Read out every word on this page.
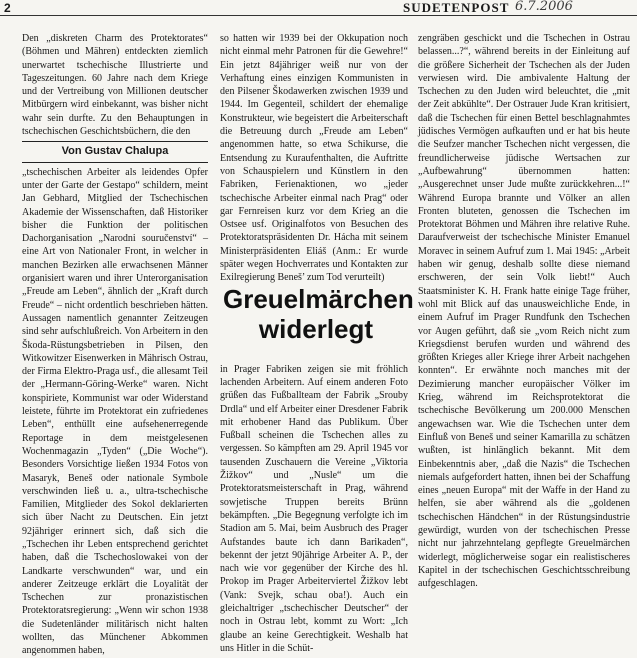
2	SUDETENPOST 6.7.2006

Den „diskreten Charm des Protektorates“ (Böhmen und Mähren) entdeckten ziemlich unerwartet tschechische Illustrierte und Tageszeitungen. 60 Jahre nach dem Kriege und der Vertreibung von Millionen deutscher Mitbürgern wird einbekannt, was bisher nicht wahr sein durfte. Zu den Behauptungen in tschechischen Geschichtsbüchern, die den

Von Gustav Chalupa

„tschechischen Arbeiter als leidendes Opfer unter der Garte der Gestapo“ schildern, meint Jan Gebhard, Mitglied der Tschechischen Akademie der Wissenschaften, daß Historiker bisher die Funktion der politischen Dachorganisation „Narodni souručenství“ – eine Art von Nationaler Front, in welcher in manchen Bezirken alle erwachsenen Männer organisiert waren und ihrer Unterorganisation „Freude am Leben“, ähnlich der „Kraft durch Freude“ – nicht ordentlich beschrieben hätten. Aussagen namentlich genannter Zeitzeugen sind sehr aufschlußreich. Von Arbeitern in den Škoda-Rüstungsbetrieben in Pilsen, den Witkowitzer Eisenwerken in Mährisch Ostrau, der Firma Elektro-Praga usf., die allesamt Teil der „Hermann-Göring-Werke“ waren. Nicht konspiriete, Kommunist war oder Widerstand leistete, führte im Protektorat ein zufriedenes Leben“, enthüllt eine aufsehenerregende Reportage in dem meistgelesenen Wochenmagazin „Tyden“ („Die Woche“). Besonders Vorsichtige ließen 1934 Fotos von Masaryk, Beneš oder nationale Symbole verschwinden ließ u. a., ultra-tschechische Familien, Mitglieder des Sokol deklarierten sich über Nacht zu Deutschen. Ein jetzt 92jähriger erinnert sich, daß sich die „Tschechen ihr Leben entsprechend gerichtet haben, daß die Tschechoslowakei von der Landkarte verschwunden“ war, und ein anderer Zeitzeuge erklärt die Loyalität der Tschechen zur pronazistischen Protektoratsregierung: „Wenn wir schon 1938 die Sudetenländer militärisch nicht halten wollten, das Münchener Abkommen angenommen haben,

so hatten wir 1939 bei der Okkupation noch nicht einmal mehr Patronen für die Gewehre!“ Ein jetzt 84jähriger weiß nur von der Verhaftung eines einzigen Kommunisten in den Pilsener Škodawerken zwischen 1939 und 1944. Im Gegenteil, schildert der ehemalige Konstrukteur, wie begeistert die Arbeiterschaft die Betreuung durch „Freude am Leben“ angenommen hatte, so etwa Schikurse, die Entsendung zu Kuraufenthalten, die Auftritte von Schauspielern und Künstlern in den Fabriken, Ferienaktionen, wo „jeder tschechische Arbeiter einmal nach Prag“ oder gar Fernreisen kurz vor dem Krieg an die Ostsee usf. Originalfotos von Besuchen des Protektoratspräsidenten Dr. Hácha mit seinem Ministerpräsidenten Eliáš (Anm.: Er wurde später wegen Hochverrates und Kontakten zur Exilregierung Beneš’ zum Tod verurteilt)

in Prager Fabriken zeigen sie mit fröhlich lachenden Arbeitern. Auf einem anderen Foto grüßen das Fußballteam der Fabrik „Srouby Drdla“ und elf Arbeiter einer Dresdener Fabrik mit erhobener Hand das Publikum. Über Fußball scheinen die Tschechen alles zu vergessen. So kämpften am 29. April 1945 vor tausenden Zuschauern die Vereine „Viktoria Žižkov“ und „Nusle“ um die Protektoratsmeisterschaft in Prag, während sowjetische Truppen bereits Brünn bekämpften. „Die Begegnung verfolgte ich im Stadion am 5. Mai, beim Ausbruch des Prager Aufstandes baute ich dann Barikaden“, bekennt der jetzt 90jährige Arbeiter A. P., der nach wie vor gegenüber der Kirche des hl. Prokop im Prager Arbeiterviertel Žižkov lebt (Vank: Svejk, schau oba!). Auch ein gleichaltriger „tschechischer Deutscher“ der noch in Ostrau lebt, kommt zu Wort: „Ich glaube an keine Gerechtigkeit. Weshalb hat uns Hitler in die Schüt-

Greuelmärchen
widerlegt

zengräben geschickt und die Tschechen in Ostrau belassen...?“, während bereits in der Einleitung auf die größere Sicherheit der Tschechen als der Juden verwiesen wird. Die ambivalente Haltung der Tschechen zu den Juden wird beleuchtet, die „mit der Zeit abkühlte“. Der Ostrauer Jude Kran kritisiert, daß die Tschechen für einen Bettel beschlagnahmtes jüdisches Vermögen aufkauften und er hat bis heute die Seufzer mancher Tschechen nicht vergessen, die freundlicherweise jüdische Wertsachen zur „Aufbewahrung“ übernommen hatten: „Ausgerechnet unser Jude mußte zurückkehren...!“ Während Europa brannte und Völker an allen Fronten bluteten, genossen die Tschechen im Protektorat Böhmen und Mähren ihre relative Ruhe. Daraufverweist der tschechische Minister Emanuel Moravec in seinem Aufruf zum 1. Mai 1945: „Arbeit haben wir genug, deshalb sollte diese niemand erschweren, der sein Volk liebt!“ Auch Staatsminister K. H. Frank hatte einige Tage früher, wohl mit Blick auf das unausweichliche Ende, in einem Aufruf im Prager Rundfunk den Tschechen vor Augen geführt, daß sie „vom Reich nicht zum Kriegsdienst berufen wurden und während des größten Krieges aller Kriege ihrer Arbeit nachgehen konnten“. Er erwähnte noch manches mit der Dezimierung mancher europäischer Völker im Krieg, während im Reichsprotektorat die tschechische Bevölkerung um 200.000 Menschen angewachsen war. Wie die Tschechen unter dem Einfluß von Beneš und seiner Kamarilla zu schätzen wußten, ist hinlänglich bekannt. Mit dem Einbekenntnis aber, „daß die Nazis“ die Tschechen niemals aufgefordert hatten, ihnen bei der Schaffung eines „neuen Europa“ mit der Waffe in der Hand zu helfen, sie aber während als die „goldenen tschechischen Händchen“ in der Rüstungsindustrie gewürdigt, wurden von der tschechischen Presse nicht nur jahrzehntelang gepflegte Greuelmärchen widerlegt, möglicherweise sogar ein realistischeres Kapitel in der tschechischen Geschichtsschreibung aufgeschlagen.
